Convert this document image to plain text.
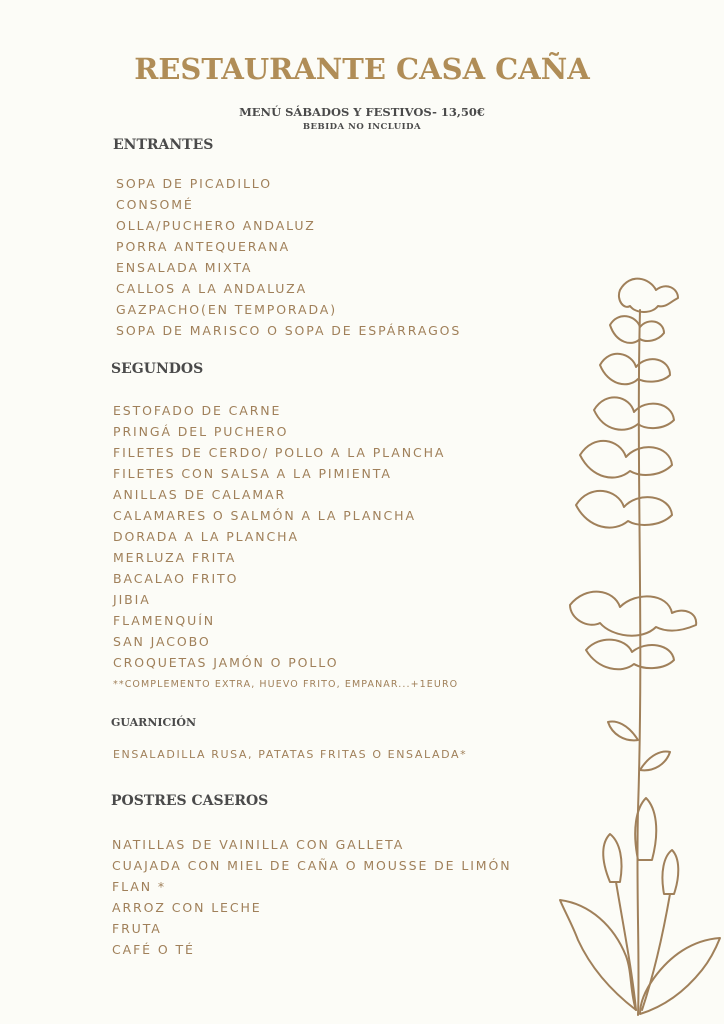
RESTAURANTE CASA CAÑA
MENÚ SÁBADOS Y FESTIVOS- 13,50€
BEBIDA NO INCLUIDA
ENTRANTES
SOPA DE PICADILLO
CONSOMÉ
OLLA/PUCHERO ANDALUZ
PORRA ANTEQUERANA
ENSALADA MIXTA
CALLOS A LA ANDALUZA
GAZPACHO(EN TEMPORADA)
SOPA DE MARISCO O SOPA DE ESPÁRRAGOS
SEGUNDOS
ESTOFADO DE CARNE
PRINGÁ DEL PUCHERO
FILETES DE CERDO/ POLLO A LA PLANCHA
FILETES CON SALSA A LA PIMIENTA
ANILLAS DE CALAMAR
CALAMARES O SALMÓN A LA PLANCHA
DORADA A LA PLANCHA
MERLUZA FRITA
BACALAO FRITO
JIBIA
FLAMENQUÍN
SAN JACOBO
CROQUETAS JAMÓN O POLLO
**COMPLEMENTO EXTRA, HUEVO FRITO, EMPANAR...+1EURO
GUARNICIÓN
ENSALADILLA RUSA, PATATAS FRITAS O ENSALADA*
POSTRES CASEROS
NATILLAS DE VAINILLA CON GALLETA
CUAJADA CON MIEL DE CAÑA O MOUSSE DE LIMÓN
FLAN *
ARROZ CON LECHE
FRUTA
CAFÉ O TÉ
